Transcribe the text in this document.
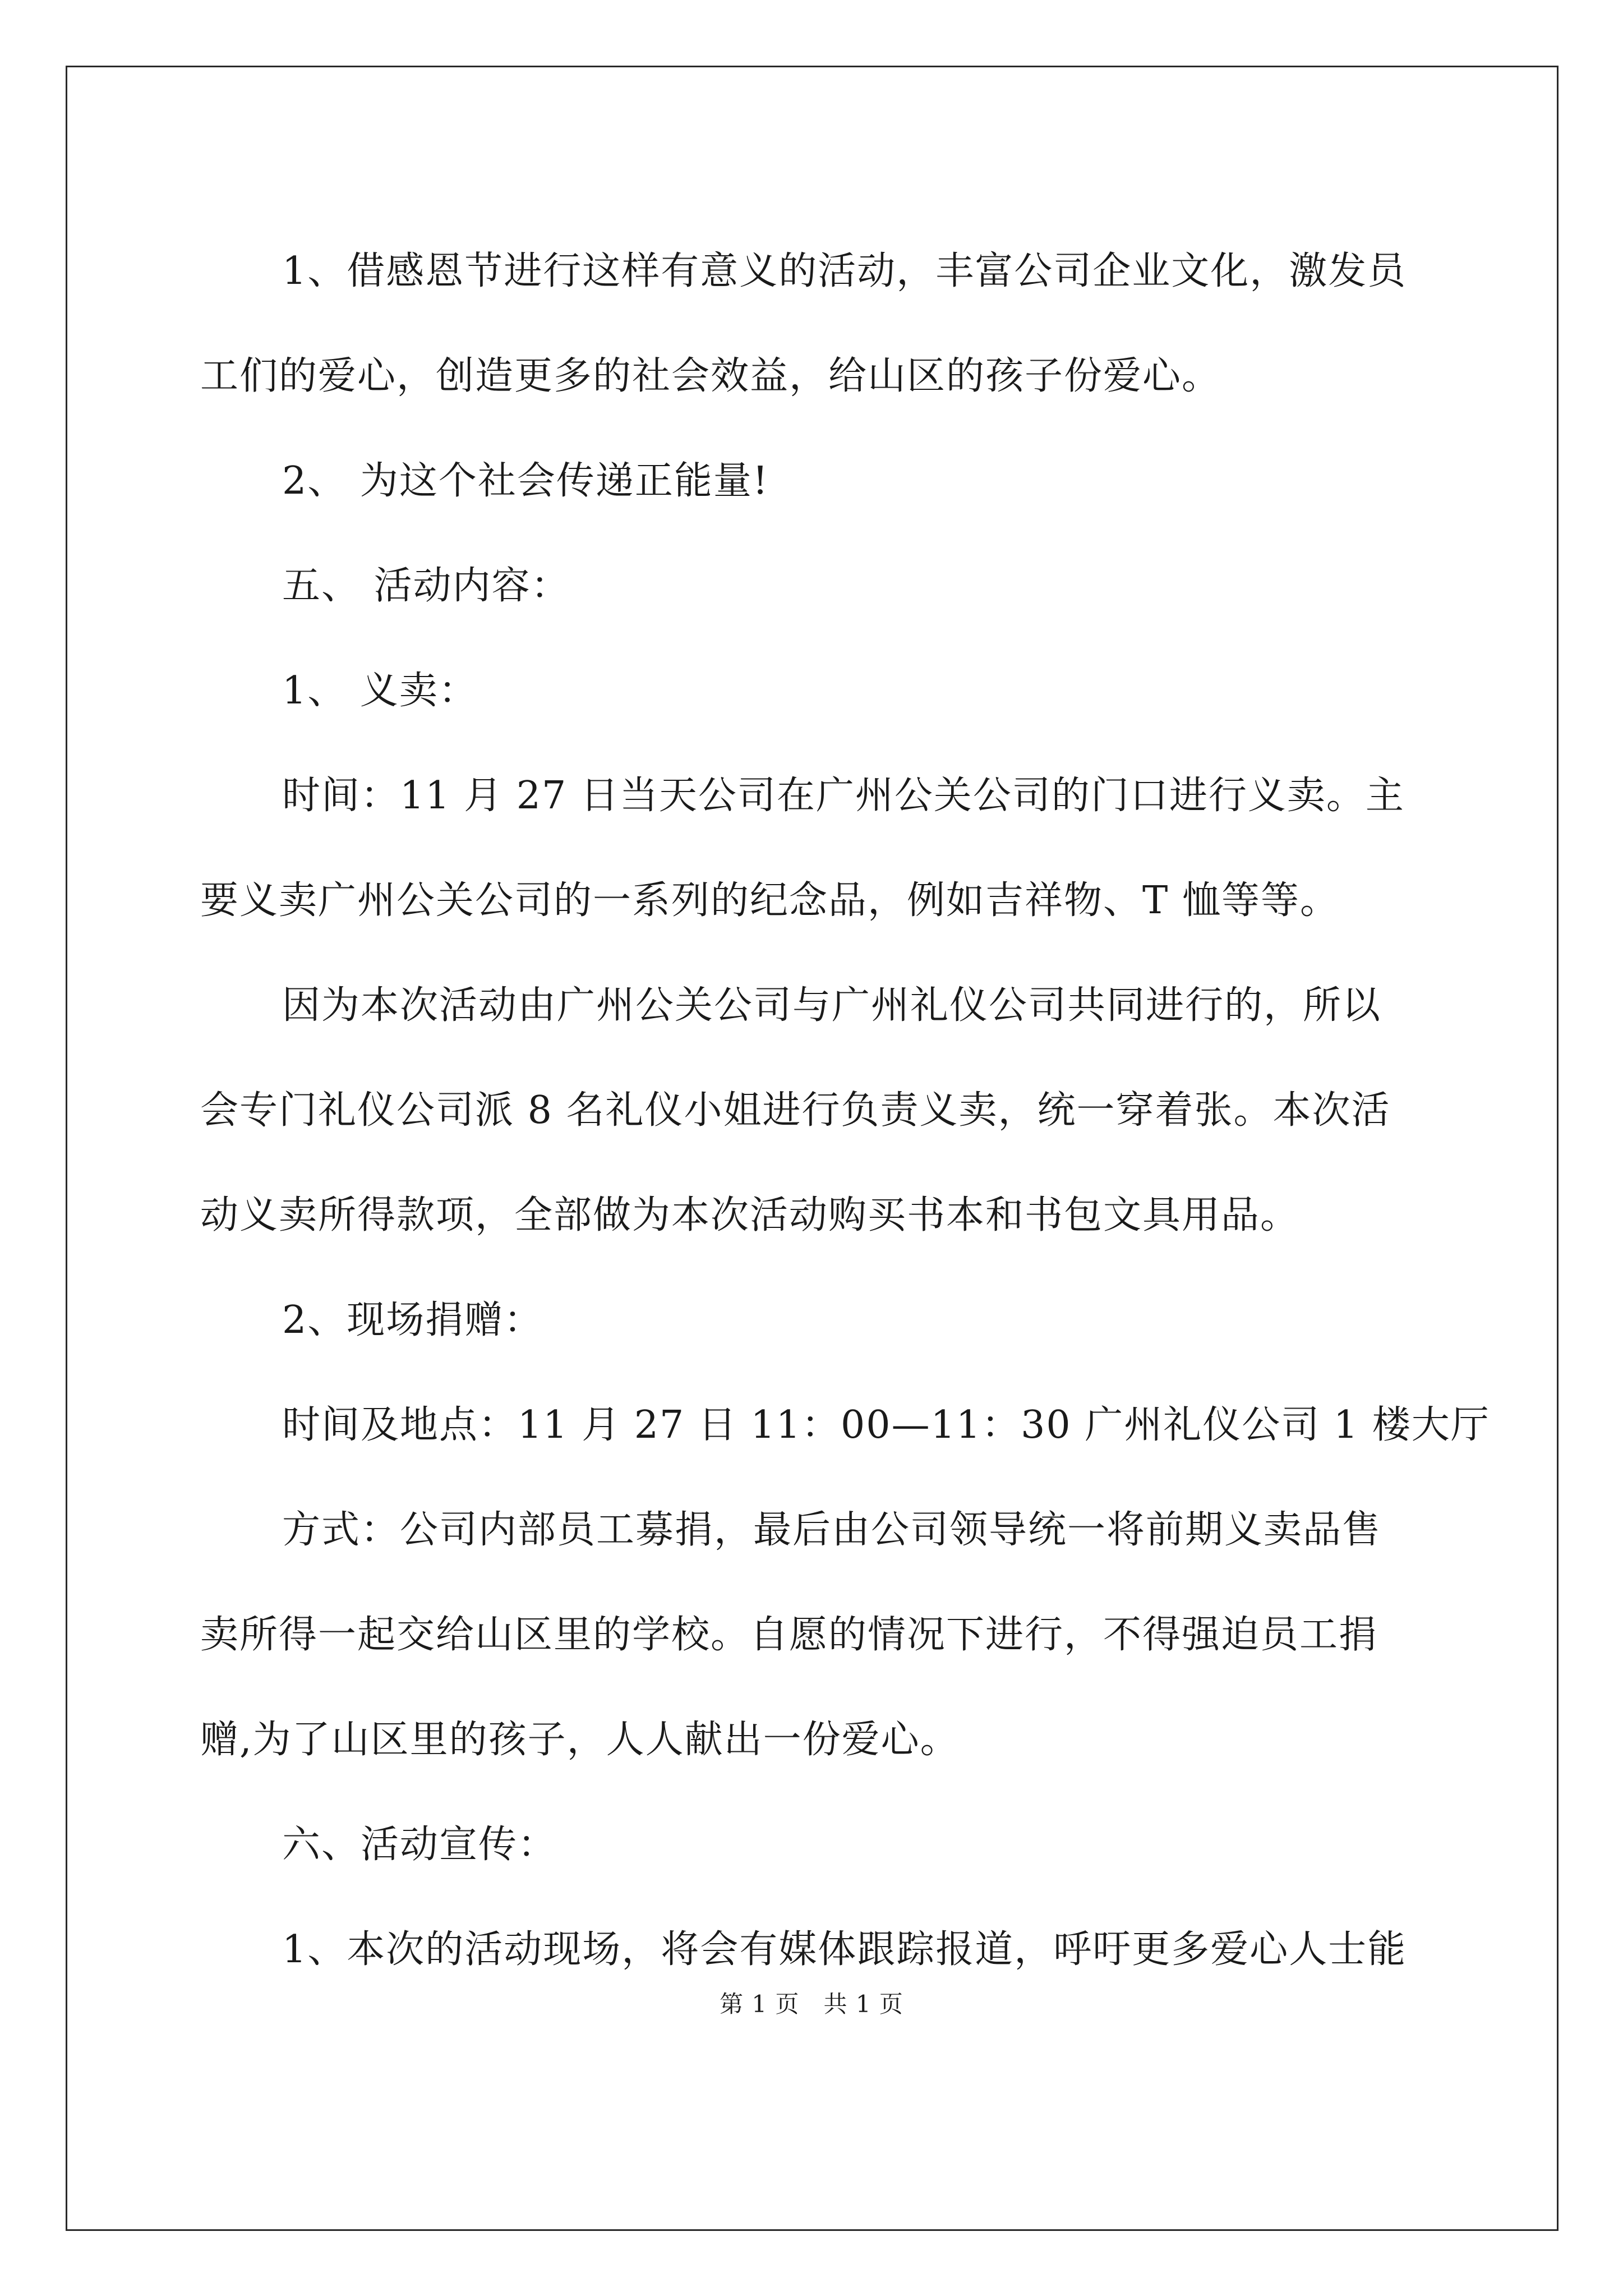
1、借感恩节进行这样有意义的活动，丰富公司企业文化，激发员

工们的爱心，创造更多的社会效益，给山区的孩子份爱心。

2、 为这个社会传递正能量!

五、 活动内容：

1、 义卖：

时间：11 月 27 日当天公司在广州公关公司的门口进行义卖。主

要义卖广州公关公司的一系列的纪念品，例如吉祥物、T 恤等等。

因为本次活动由广州公关公司与广州礼仪公司共同进行的，所以

会专门礼仪公司派 8 名礼仪小姐进行负责义卖，统一穿着张。本次活

动义卖所得款项，全部做为本次活动购买书本和书包文具用品。

2、现场捐赠：

时间及地点：11 月 27 日 11：00—11：30 广州礼仪公司 1 楼大厅

方式：公司内部员工募捐，最后由公司领导统一将前期义卖品售

卖所得一起交给山区里的学校。自愿的情况下进行，不得强迫员工捐

赠,为了山区里的孩子，人人献出一份爱心。

六、活动宣传：

1、本次的活动现场，将会有媒体跟踪报道，呼吁更多爱心人士能

第 1 页　共 1 页
